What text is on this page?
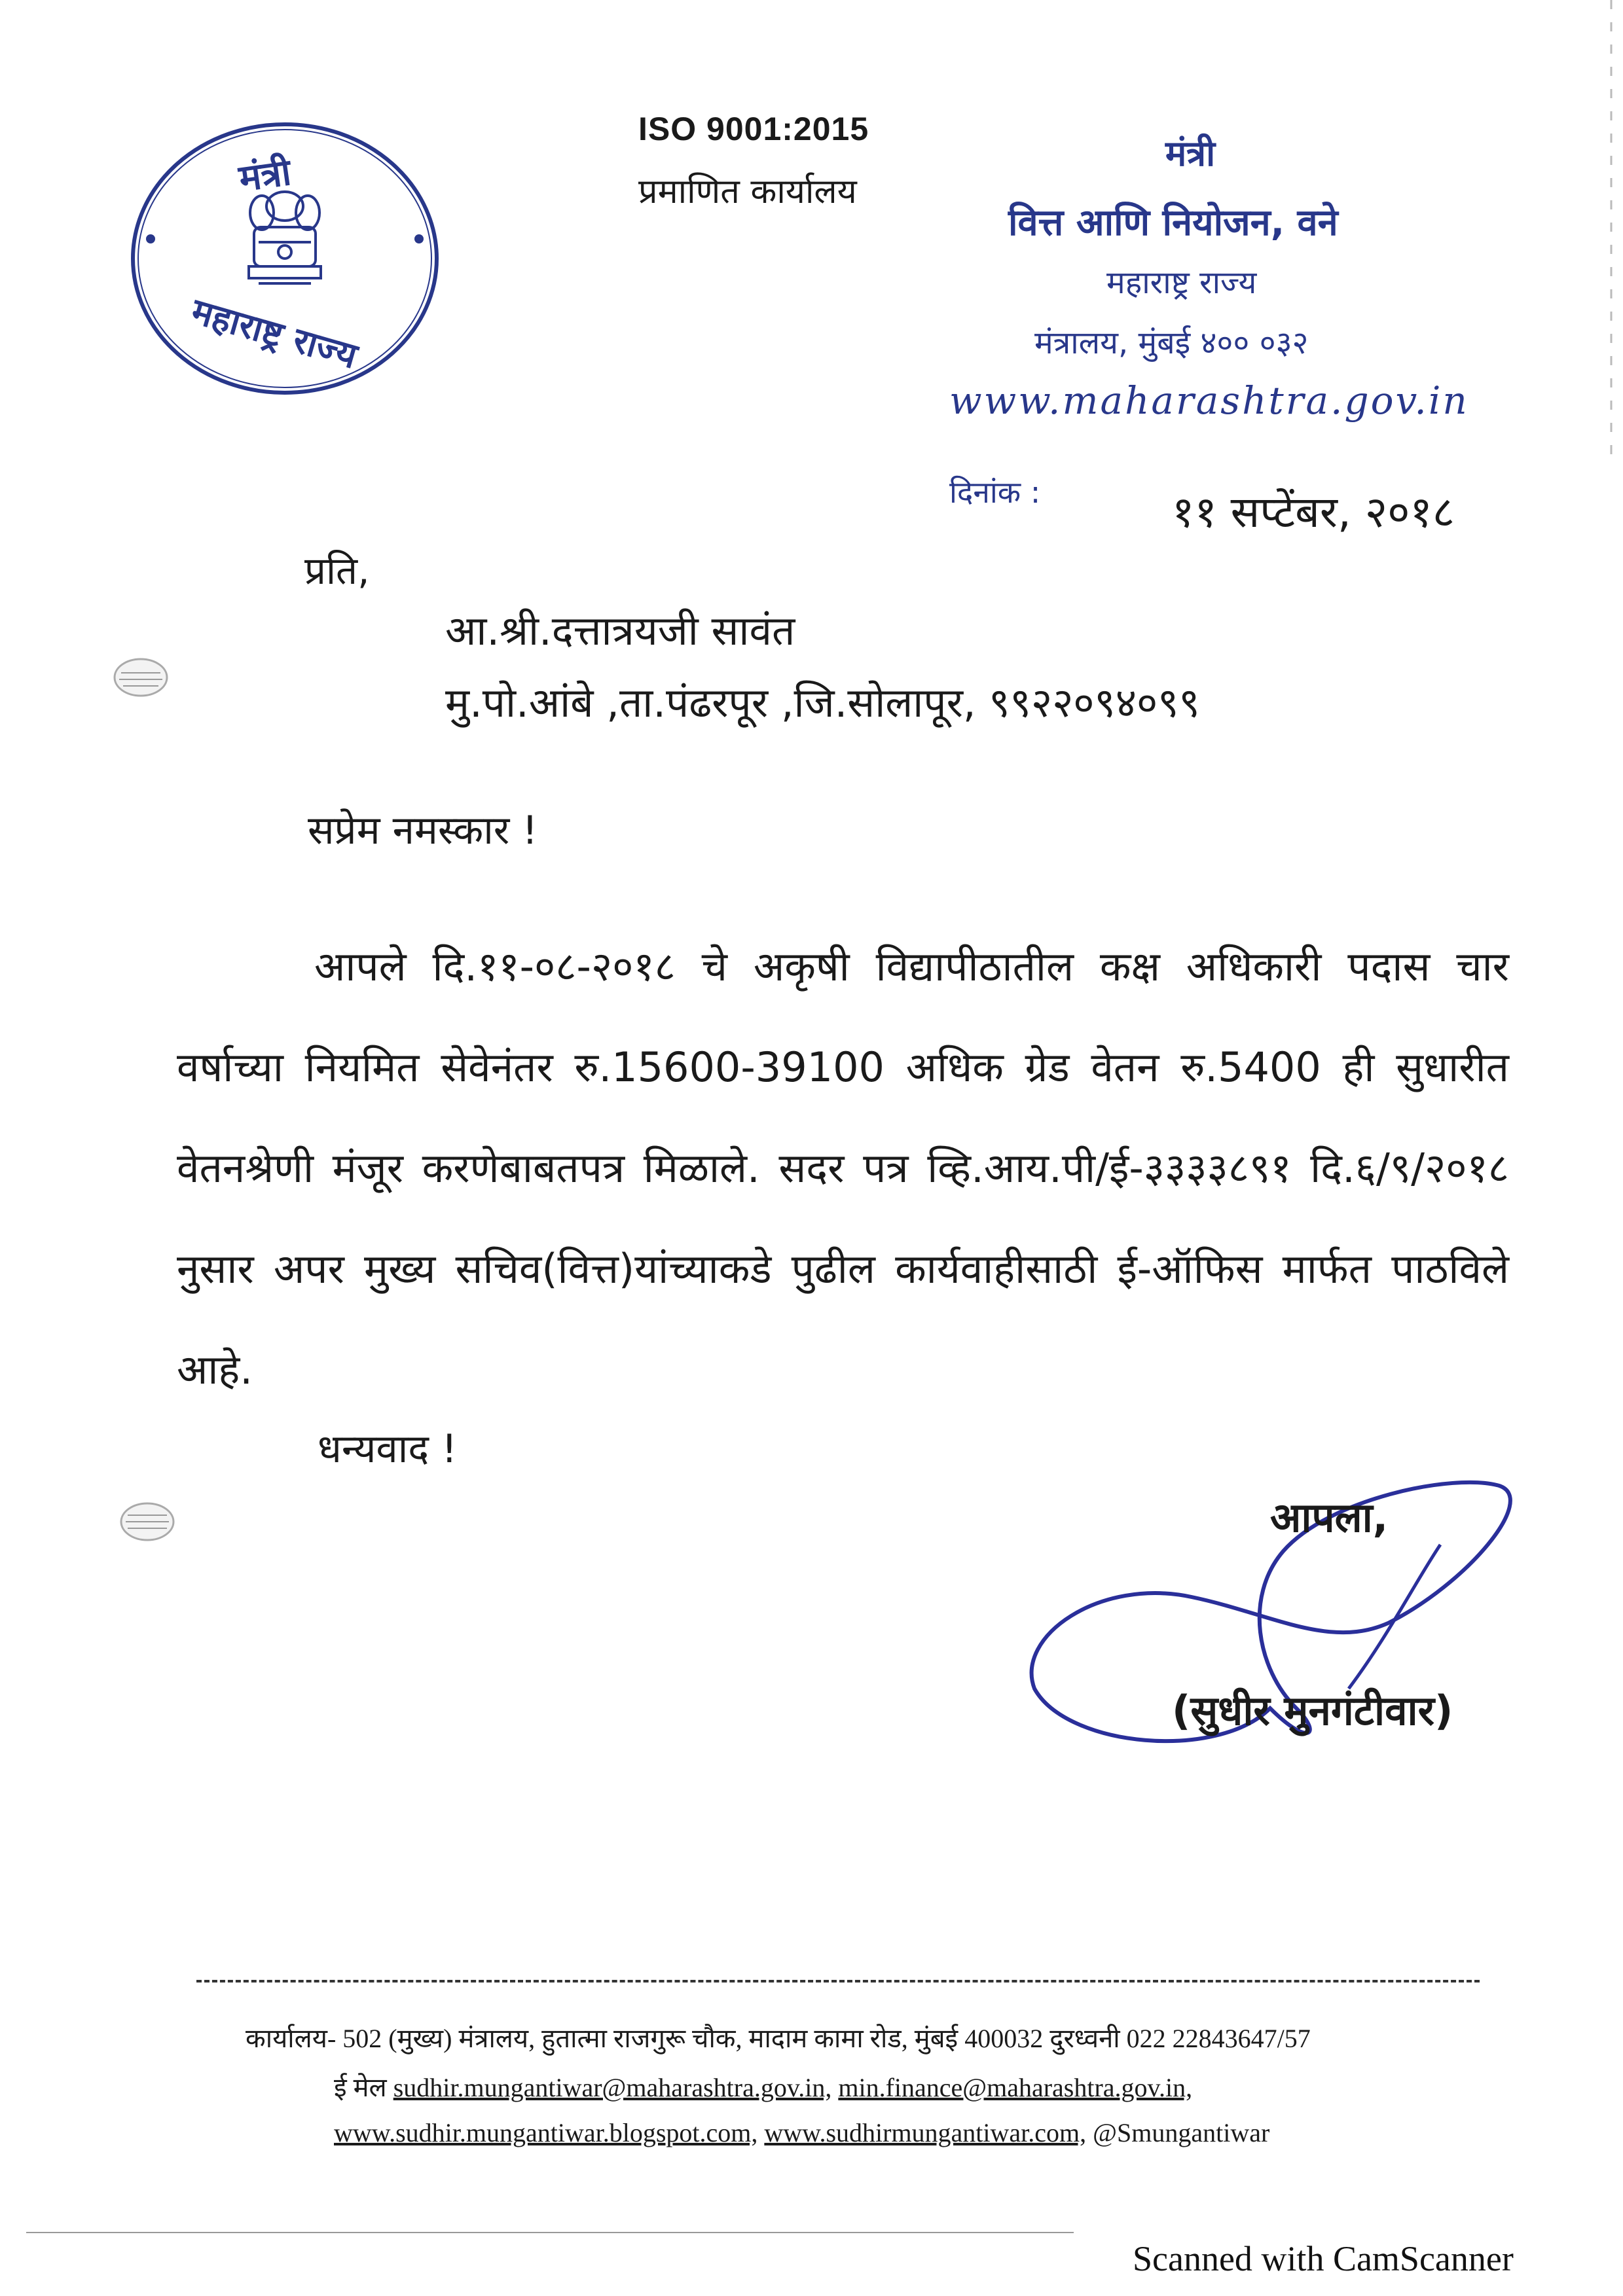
मंत्री
महाराष्ट्र राज्य
ISO 9001:2015
प्रमाणित कार्यालय
मंत्री
वित्त आणि नियोजन, वने
महाराष्ट्र राज्य
मंत्रालय, मुंबई ४०० ०३२
www.maharashtra.gov.in
दिनांक :	११ सप्टेंबर, २०१८
प्रति,
आ.श्री.दत्तात्रयजी सावंत
मु.पो.आंबे ,ता.पंढरपूर ,जि.सोलापूर, ९९२२०९४०९९
सप्रेम नमस्कार !
आपले दि.११-०८-२०१८ चे अकृषी विद्यापीठातील कक्ष अधिकारी पदास चार वर्षाच्या नियमित सेवेनंतर रु.15600-39100 अधिक ग्रेड वेतन रु.5400 ही सुधारीत वेतनश्रेणी मंजूर करणेबाबतपत्र मिळाले. सदर पत्र व्हि.आय.पी/ई-३३३३८९१ दि.६/९/२०१८ नुसार अपर मुख्य सचिव(वित्त)यांच्याकडे पुढील कार्यवाहीसाठी ई-ऑफिस मार्फत पाठविले आहे.
धन्यवाद !
आपला,
(सुधीर मुनगंटीवार)
कार्यालय- 502 (मुख्य) मंत्रालय, हुतात्मा राजगुरू चौक, मादाम कामा रोड, मुंबई 400032 दुरध्वनी 022 22843647/57
ई मेल sudhir.mungantiwar@maharashtra.gov.in, min.finance@maharashtra.gov.in,
www.sudhir.mungantiwar.blogspot.com, www.sudhirmungantiwar.com, @Smungantiwar
Scanned with CamScanner
